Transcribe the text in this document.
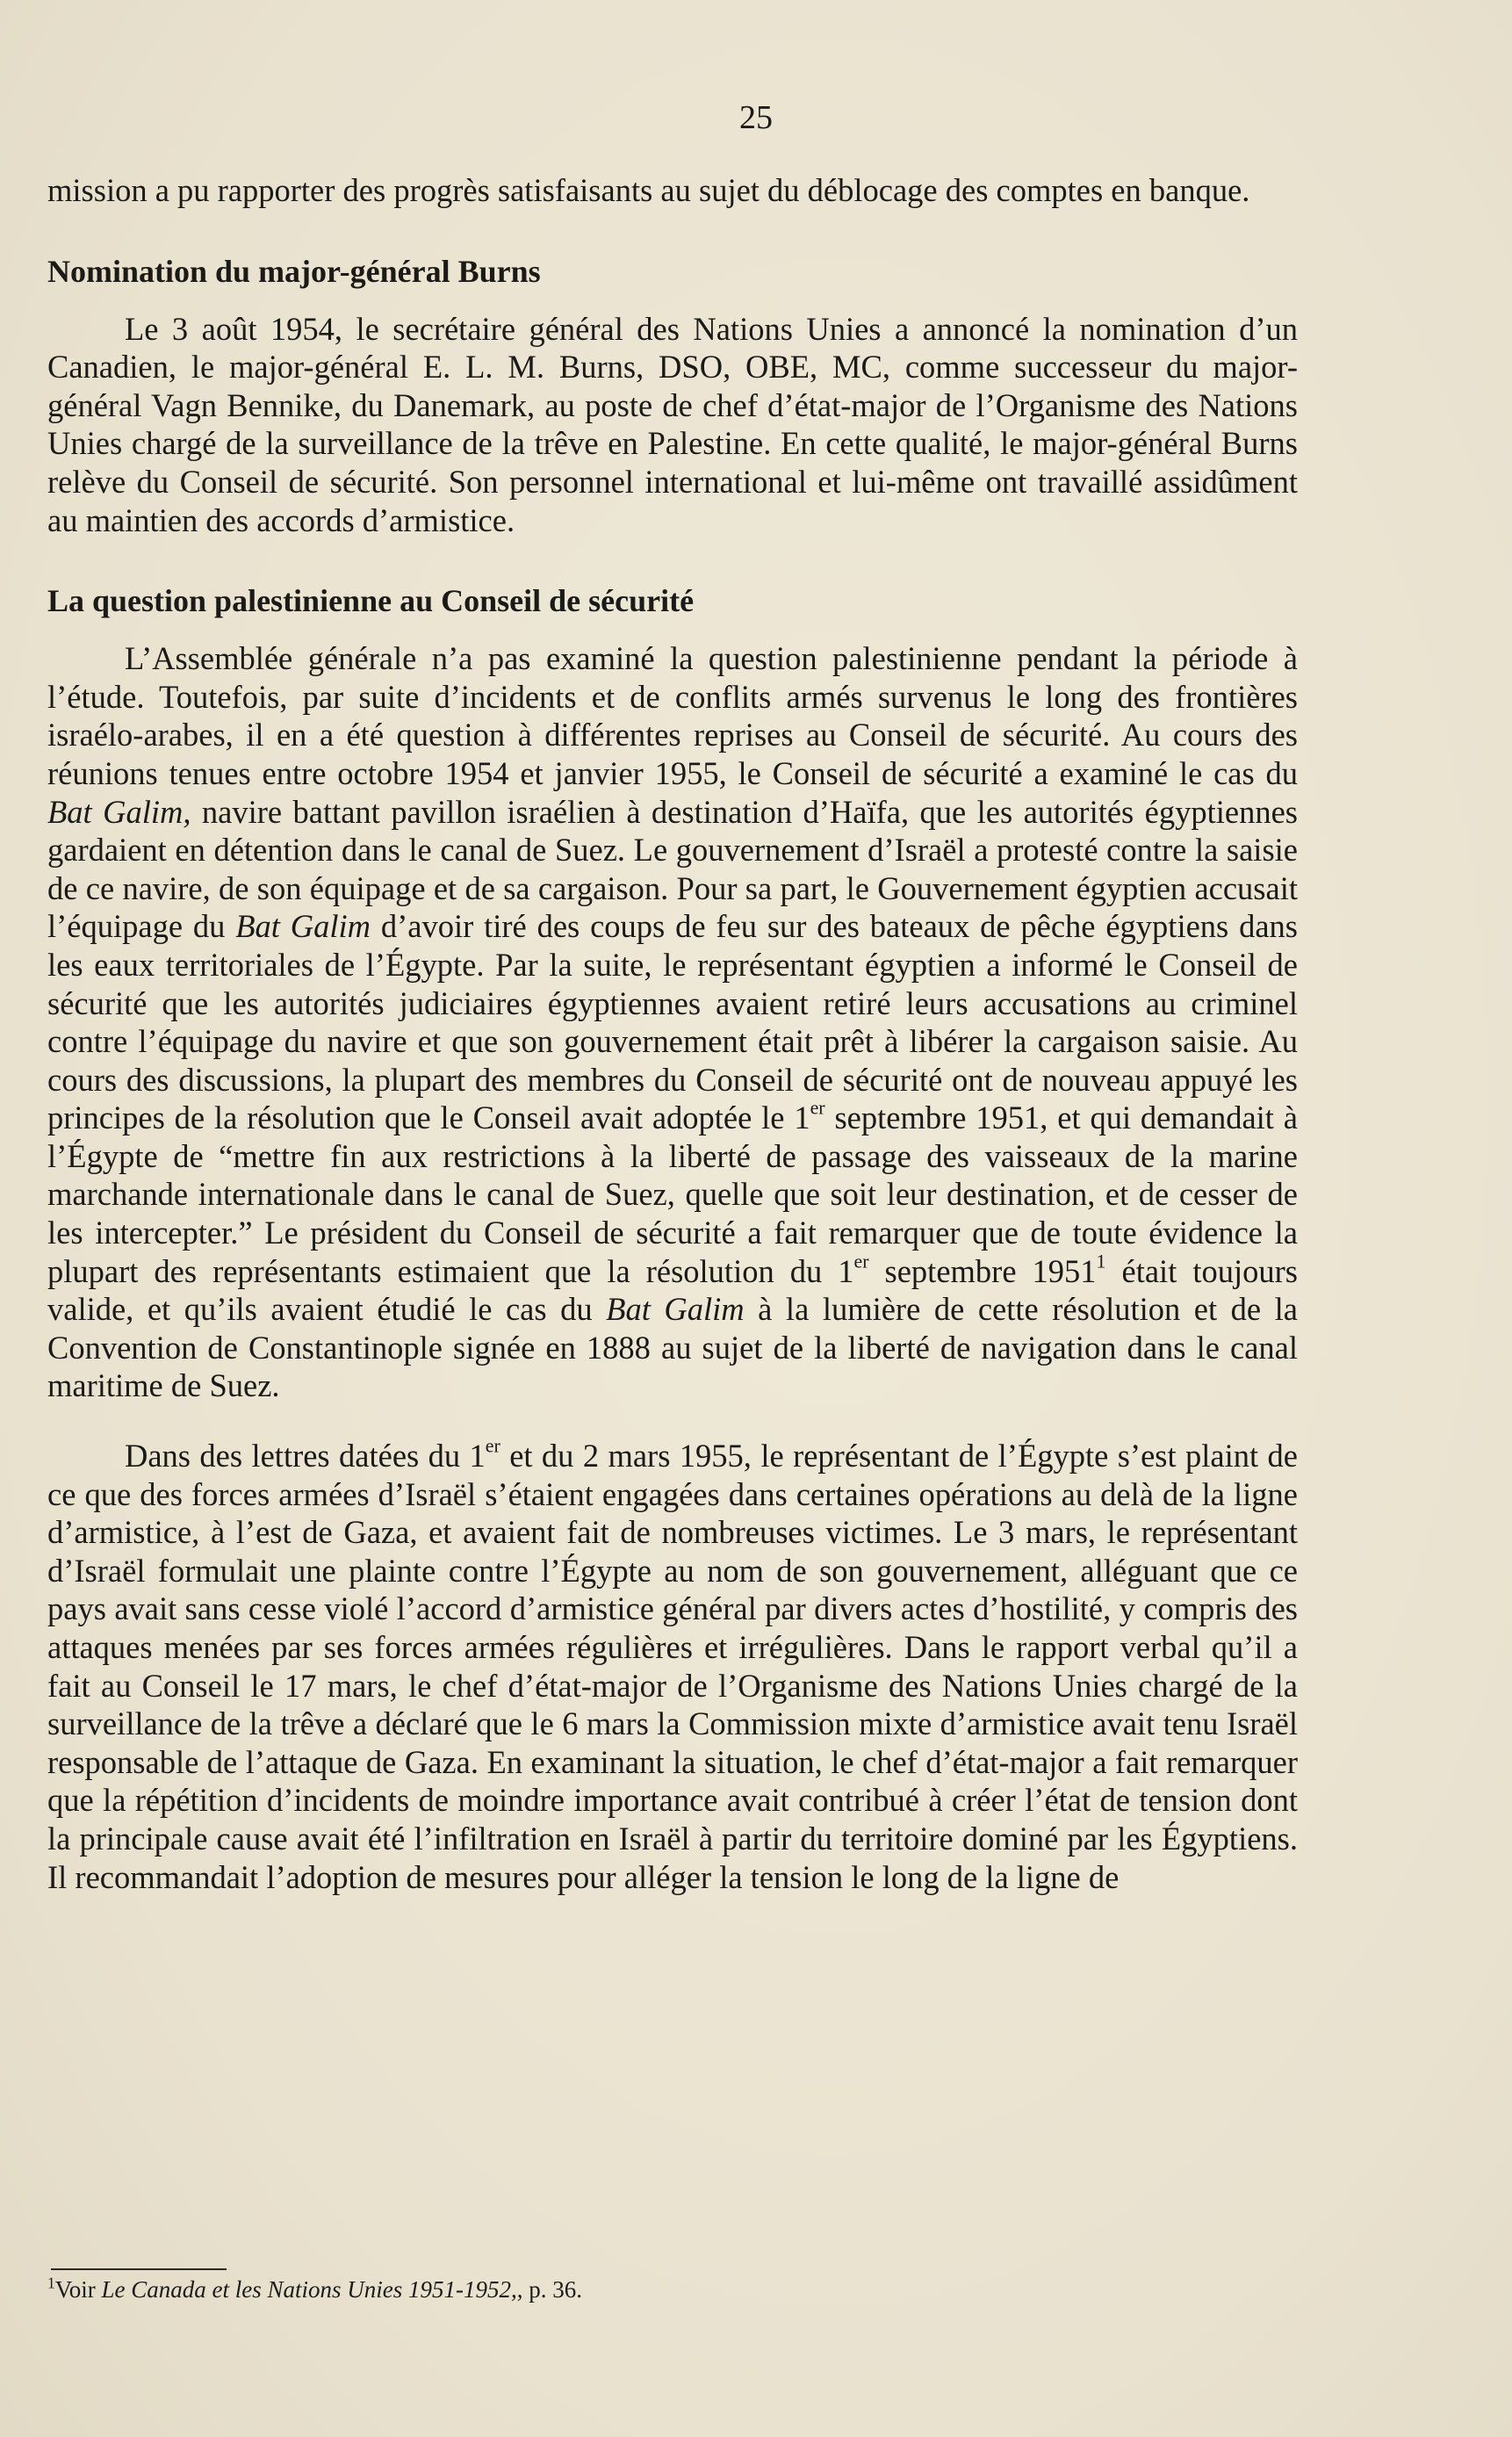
25

mission a pu rapporter des progrès satisfaisants au sujet du déblocage des comptes en banque.

Nomination du major-général Burns

Le 3 août 1954, le secrétaire général des Nations Unies a annoncé la nomination d’un Canadien, le major-général E. L. M. Burns, DSO, OBE, MC, comme successeur du major-général Vagn Bennike, du Danemark, au poste de chef d’état-major de l’Organisme des Nations Unies chargé de la surveillance de la trêve en Palestine. En cette qualité, le major-général Burns relève du Conseil de sécurité. Son personnel international et lui-même ont travaillé assidûment au maintien des accords d’armistice.

La question palestinienne au Conseil de sécurité

L’Assemblée générale n’a pas examiné la question palestinienne pendant la période à l’étude. Toutefois, par suite d’incidents et de conflits armés survenus le long des frontières israélo-arabes, il en a été question à différentes reprises au Conseil de sécurité. Au cours des réunions tenues entre octobre 1954 et janvier 1955, le Conseil de sécurité a examiné le cas du Bat Galim, navire battant pavillon israélien à destination d’Haïfa, que les autorités égyptiennes gardaient en détention dans le canal de Suez. Le gouvernement d’Israël a protesté contre la saisie de ce navire, de son équipage et de sa cargaison. Pour sa part, le Gouvernement égyptien accusait l’équipage du Bat Galim d’avoir tiré des coups de feu sur des bateaux de pêche égyptiens dans les eaux territoriales de l’Égypte. Par la suite, le représentant égyptien a informé le Conseil de sécurité que les autorités judiciaires égyptiennes avaient retiré leurs accusations au criminel contre l’équipage du navire et que son gouvernement était prêt à libérer la cargaison saisie. Au cours des discussions, la plupart des membres du Conseil de sécurité ont de nouveau appuyé les principes de la résolution que le Conseil avait adoptée le 1er septembre 1951, et qui demandait à l’Égypte de “mettre fin aux restrictions à la liberté de passage des vaisseaux de la marine marchande internationale dans le canal de Suez, quelle que soit leur destination, et de cesser de les intercepter.” Le président du Conseil de sécurité a fait remarquer que de toute évidence la plupart des représentants estimaient que la résolution du 1er septembre 1951$^1$ était toujours valide, et qu’ils avaient étudié le cas du Bat Galim à la lumière de cette résolution et de la Convention de Constantinople signée en 1888 au sujet de la liberté de navigation dans le canal maritime de Suez.

Dans des lettres datées du 1er et du 2 mars 1955, le représentant de l’Égypte s’est plaint de ce que des forces armées d’Israël s’étaient engagées dans certaines opérations au delà de la ligne d’armistice, à l’est de Gaza, et avaient fait de nombreuses victimes. Le 3 mars, le représentant d’Israël formulait une plainte contre l’Égypte au nom de son gouvernement, alléguant que ce pays avait sans cesse violé l’accord d’armistice général par divers actes d’hostilité, y compris des attaques menées par ses forces armées régulières et irrégulières. Dans le rapport verbal qu’il a fait au Conseil le 17 mars, le chef d’état-major de l’Organisme des Nations Unies chargé de la surveillance de la trêve a déclaré que le 6 mars la Commission mixte d’armistice avait tenu Israël responsable de l’attaque de Gaza. En examinant la situation, le chef d’état-major a fait remarquer que la répétition d’incidents de moindre importance avait contribué à créer l’état de tension dont la principale cause avait été l’infiltration en Israël à partir du territoire dominé par les Égyptiens. Il recommandait l’adoption de mesures pour alléger la tension le long de la ligne de

$^1$Voir Le Canada et les Nations Unies 1951-1952,, p. 36.
